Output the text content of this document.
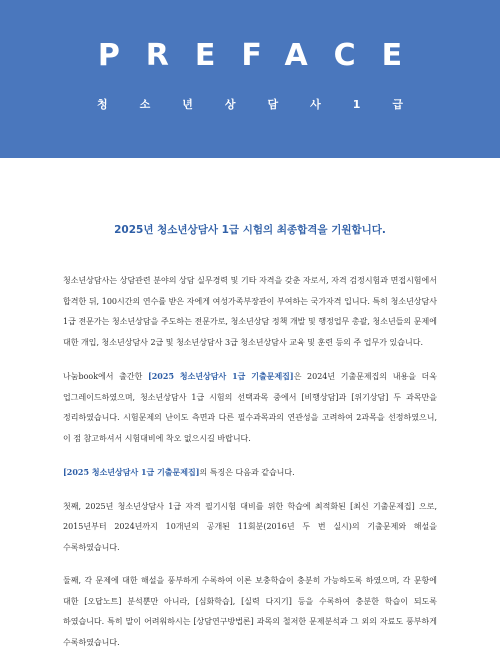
PREFACE
청소년상담사1급
2025년 청소년상담사 1급 시험의 최종합격을 기원합니다.

청소년상담사는 상담관련 분야의 상담 실무경력 및 기타 자격을 갖춘 자로서, 자격 검정시험과 면접시험에서 합격한 뒤, 100시간의 연수를 받은 자에게 여성가족부장관이 부여하는 국가자격 입니다. 특히 청소년상담사 1급 전문가는 청소년상담을 주도하는 전문가로, 청소년상담 정책 개발 및 행정업무 총괄, 청소년들의 문제에 대한 개입, 청소년상담사 2급 및 청소년상담사 3급 청소년상담사 교육 및 훈련 등의 주 업무가 있습니다.

나눔book에서 출간한 [2025 청소년상담사 1급 기출문제집]은 2024년 기출문제집의 내용을 더욱 업그레이드하였으며, 청소년상담사 1급 시험의 선택과목 중에서 [비행상담]과 [위기상담] 두 과목만을 정리하였습니다. 시험문제의 난이도 측면과 다른 필수과목과의 연관성을 고려하여 2과목을 선정하였으니, 이 점 참고하셔서 시험대비에 착오 없으시길 바랍니다.

[2025 청소년상담사 1급 기출문제집]의 특징은 다음과 같습니다.

첫째, 2025년 청소년상담사 1급 자격 필기시험 대비를 위한 학습에 최적화된 [최신 기출문제집] 으로, 2015년부터 2024년까지 10개년의 공개된 11회분(2016년 두 번 실시)의 기출문제와 해설을 수록하였습니다.

둘째, 각 문제에 대한 해설을 풍부하게 수록하여 이론 보충학습이 충분히 가능하도록 하였으며, 각 문항에 대한 [오답노트] 분석뿐만 아니라, [심화학습], [실력 다지기] 등을 수록하여 충분한 학습이 되도록 하였습니다. 특히 말이 어려워하시는 [상담연구방법론] 과목의 철저한 문제분석과 그 외의 자료도 풍부하게 수록하였습니다.
